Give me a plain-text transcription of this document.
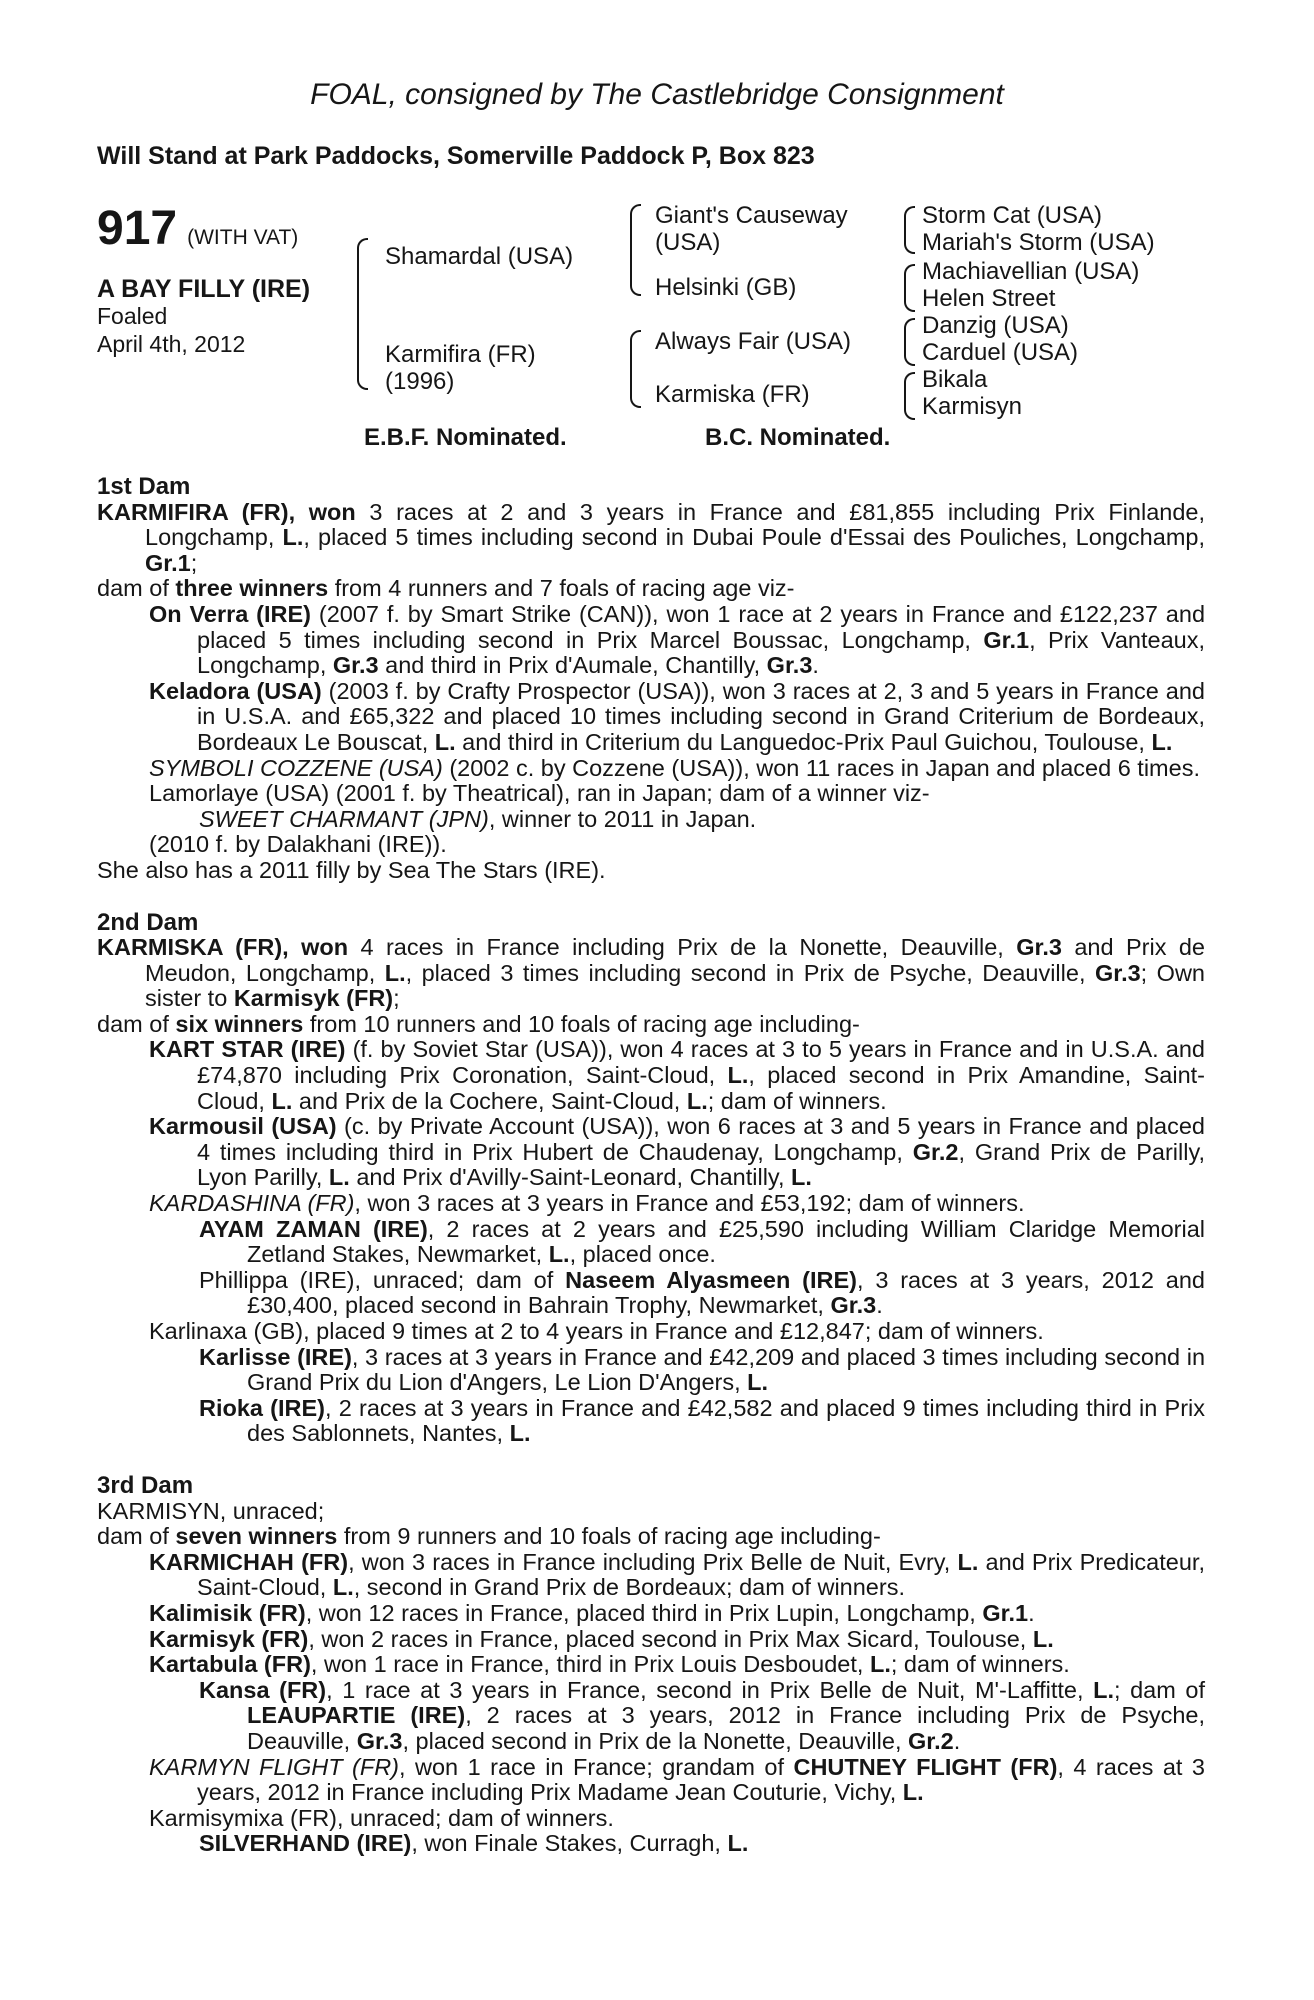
FOAL, consigned by The Castlebridge Consignment
Will Stand at Park Paddocks, Somerville Paddock P, Box 823
917 (WITH VAT)
A BAY FILLY (IRE)
Foaled
April 4th, 2012
Shamardal (USA)
Karmifira (FR)
(1996)
Giant's Causeway
(USA)
Helsinki (GB)
Always Fair (USA)
Karmiska (FR)
Storm Cat (USA)
Mariah's Storm (USA)
Machiavellian (USA)
Helen Street
Danzig (USA)
Carduel (USA)
Bikala
Karmisyn
E.B.F. Nominated.	B.C. Nominated.
1st Dam

KARMIFIRA (FR), won 3 races at 2 and 3 years in France and £81,855 including Prix Finlande, Longchamp, L., placed 5 times including second in Dubai Poule d'Essai des Pouliches, Longchamp, Gr.1;

dam of three winners from 4 runners and 7 foals of racing age viz-

On Verra (IRE) (2007 f. by Smart Strike (CAN)), won 1 race at 2 years in France and £122,237 and placed 5 times including second in Prix Marcel Boussac, Longchamp, Gr.1, Prix Vanteaux, Longchamp, Gr.3 and third in Prix d'Aumale, Chantilly, Gr.3.

Keladora (USA) (2003 f. by Crafty Prospector (USA)), won 3 races at 2, 3 and 5 years in France and in U.S.A. and £65,322 and placed 10 times including second in Grand Criterium de Bordeaux, Bordeaux Le Bouscat, L. and third in Criterium du Languedoc-Prix Paul Guichou, Toulouse, L.

SYMBOLI COZZENE (USA) (2002 c. by Cozzene (USA)), won 11 races in Japan and placed 6 times.

Lamorlaye (USA) (2001 f. by Theatrical), ran in Japan; dam of a winner viz-

SWEET CHARMANT (JPN), winner to 2011 in Japan.

(2010 f. by Dalakhani (IRE)).

She also has a 2011 filly by Sea The Stars (IRE).

2nd Dam

KARMISKA (FR), won 4 races in France including Prix de la Nonette, Deauville, Gr.3 and Prix de Meudon, Longchamp, L., placed 3 times including second in Prix de Psyche, Deauville, Gr.3; Own sister to Karmisyk (FR);

dam of six winners from 10 runners and 10 foals of racing age including-

KART STAR (IRE) (f. by Soviet Star (USA)), won 4 races at 3 to 5 years in France and in U.S.A. and £74,870 including Prix Coronation, Saint-Cloud, L., placed second in Prix Amandine, Saint-Cloud, L. and Prix de la Cochere, Saint-Cloud, L.; dam of winners.

Karmousil (USA) (c. by Private Account (USA)), won 6 races at 3 and 5 years in France and placed 4 times including third in Prix Hubert de Chaudenay, Longchamp, Gr.2, Grand Prix de Parilly, Lyon Parilly, L. and Prix d'Avilly-Saint-Leonard, Chantilly, L.

KARDASHINA (FR), won 3 races at 3 years in France and £53,192; dam of winners.

AYAM ZAMAN (IRE), 2 races at 2 years and £25,590 including William Claridge Memorial Zetland Stakes, Newmarket, L., placed once.

Phillippa (IRE), unraced; dam of Naseem Alyasmeen (IRE), 3 races at 3 years, 2012 and £30,400, placed second in Bahrain Trophy, Newmarket, Gr.3.

Karlinaxa (GB), placed 9 times at 2 to 4 years in France and £12,847; dam of winners.

Karlisse (IRE), 3 races at 3 years in France and £42,209 and placed 3 times including second in Grand Prix du Lion d'Angers, Le Lion D'Angers, L.

Rioka (IRE), 2 races at 3 years in France and £42,582 and placed 9 times including third in Prix des Sablonnets, Nantes, L.

3rd Dam

KARMISYN, unraced;

dam of seven winners from 9 runners and 10 foals of racing age including-

KARMICHAH (FR), won 3 races in France including Prix Belle de Nuit, Evry, L. and Prix Predicateur, Saint-Cloud, L., second in Grand Prix de Bordeaux; dam of winners.

Kalimisik (FR), won 12 races in France, placed third in Prix Lupin, Longchamp, Gr.1.

Karmisyk (FR), won 2 races in France, placed second in Prix Max Sicard, Toulouse, L.

Kartabula (FR), won 1 race in France, third in Prix Louis Desboudet, L.; dam of winners.

Kansa (FR), 1 race at 3 years in France, second in Prix Belle de Nuit, M'-Laffitte, L.; dam of LEAUPARTIE (IRE), 2 races at 3 years, 2012 in France including Prix de Psyche, Deauville, Gr.3, placed second in Prix de la Nonette, Deauville, Gr.2.

KARMYN FLIGHT (FR), won 1 race in France; grandam of CHUTNEY FLIGHT (FR), 4 races at 3 years, 2012 in France including Prix Madame Jean Couturie, Vichy, L.

Karmisymixa (FR), unraced; dam of winners.

SILVERHAND (IRE), won Finale Stakes, Curragh, L.
